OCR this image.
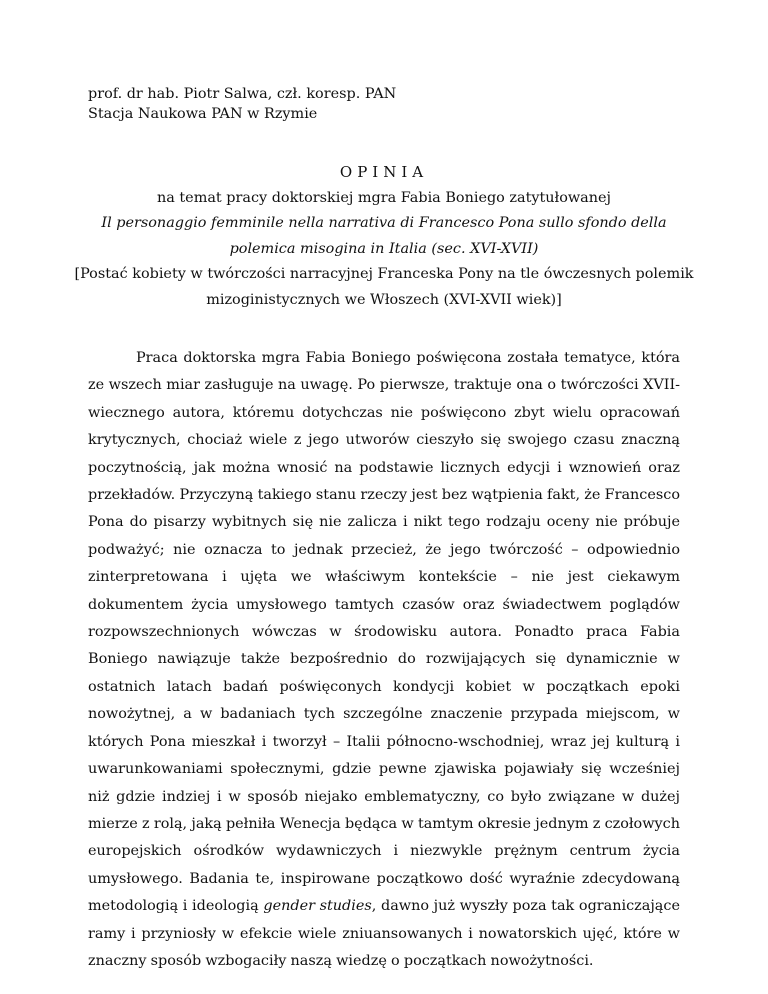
prof. dr hab. Piotr Salwa, czł. koresp. PAN
Stacja Naukowa PAN w Rzymie
OPINIA
na temat pracy doktorskiej mgra Fabia Boniego zatytułowanej
Il personaggio femminile nella narrativa di Francesco Pona sullo sfondo della polemica misogina in Italia (sec. XVI-XVII)
[Postać kobiety w twórczości narracyjnej Franceska Pony na tle ówczesnych polemik mizoginistycznych we Włoszech (XVI-XVII wiek)]
Praca doktorska mgra Fabia Boniego poświęcona została tematyce, która ze wszech miar zasługuje na uwagę. Po pierwsze, traktuje ona o twórczości XVII-wiecznego autora, któremu dotychczas nie poświęcono zbyt wielu opracowań krytycznych, chociaż wiele z jego utworów cieszyło się swojego czasu znaczną poczytnością, jak można wnosić na podstawie licznych edycji i wznowień oraz przekładów. Przyczyną takiego stanu rzeczy jest bez wątpienia fakt, że Francesco Pona do pisarzy wybitnych się nie zalicza i nikt tego rodzaju oceny nie próbuje podważyć; nie oznacza to jednak przecież, że jego twórczość – odpowiednio zinterpretowana i ujęta we właściwym kontekście – nie jest ciekawym dokumentem życia umysłowego tamtych czasów oraz świadectwem poglądów rozpowszechnionych wówczas w środowisku autora. Ponadto praca Fabia Boniego nawiązuje także bezpośrednio do rozwijających się dynamicznie w ostatnich latach badań poświęconych kondycji kobiet w początkach epoki nowożytnej, a w badaniach tych szczególne znaczenie przypada miejscom, w których Pona mieszkał i tworzył – Italii północno-wschodniej, wraz jej kulturą i uwarunkowaniami społecznymi, gdzie pewne zjawiska pojawiały się wcześniej niż gdzie indziej i w sposób niejako emblematyczny, co było związane w dużej mierze z rolą, jaką pełniła Wenecja będąca w tamtym okresie jednym z czołowych europejskich ośrodków wydawniczych i niezwykle prężnym centrum życia umysłowego. Badania te, inspirowane początkowo dość wyraźnie zdecydowaną metodologią i ideologią gender studies, dawno już wyszły poza tak ograniczające ramy i przyniosły w efekcie wiele zniuansowanych i nowatorskich ujęć, które w znaczny sposób wzbogaciły naszą wiedzę o początkach nowożytności.
